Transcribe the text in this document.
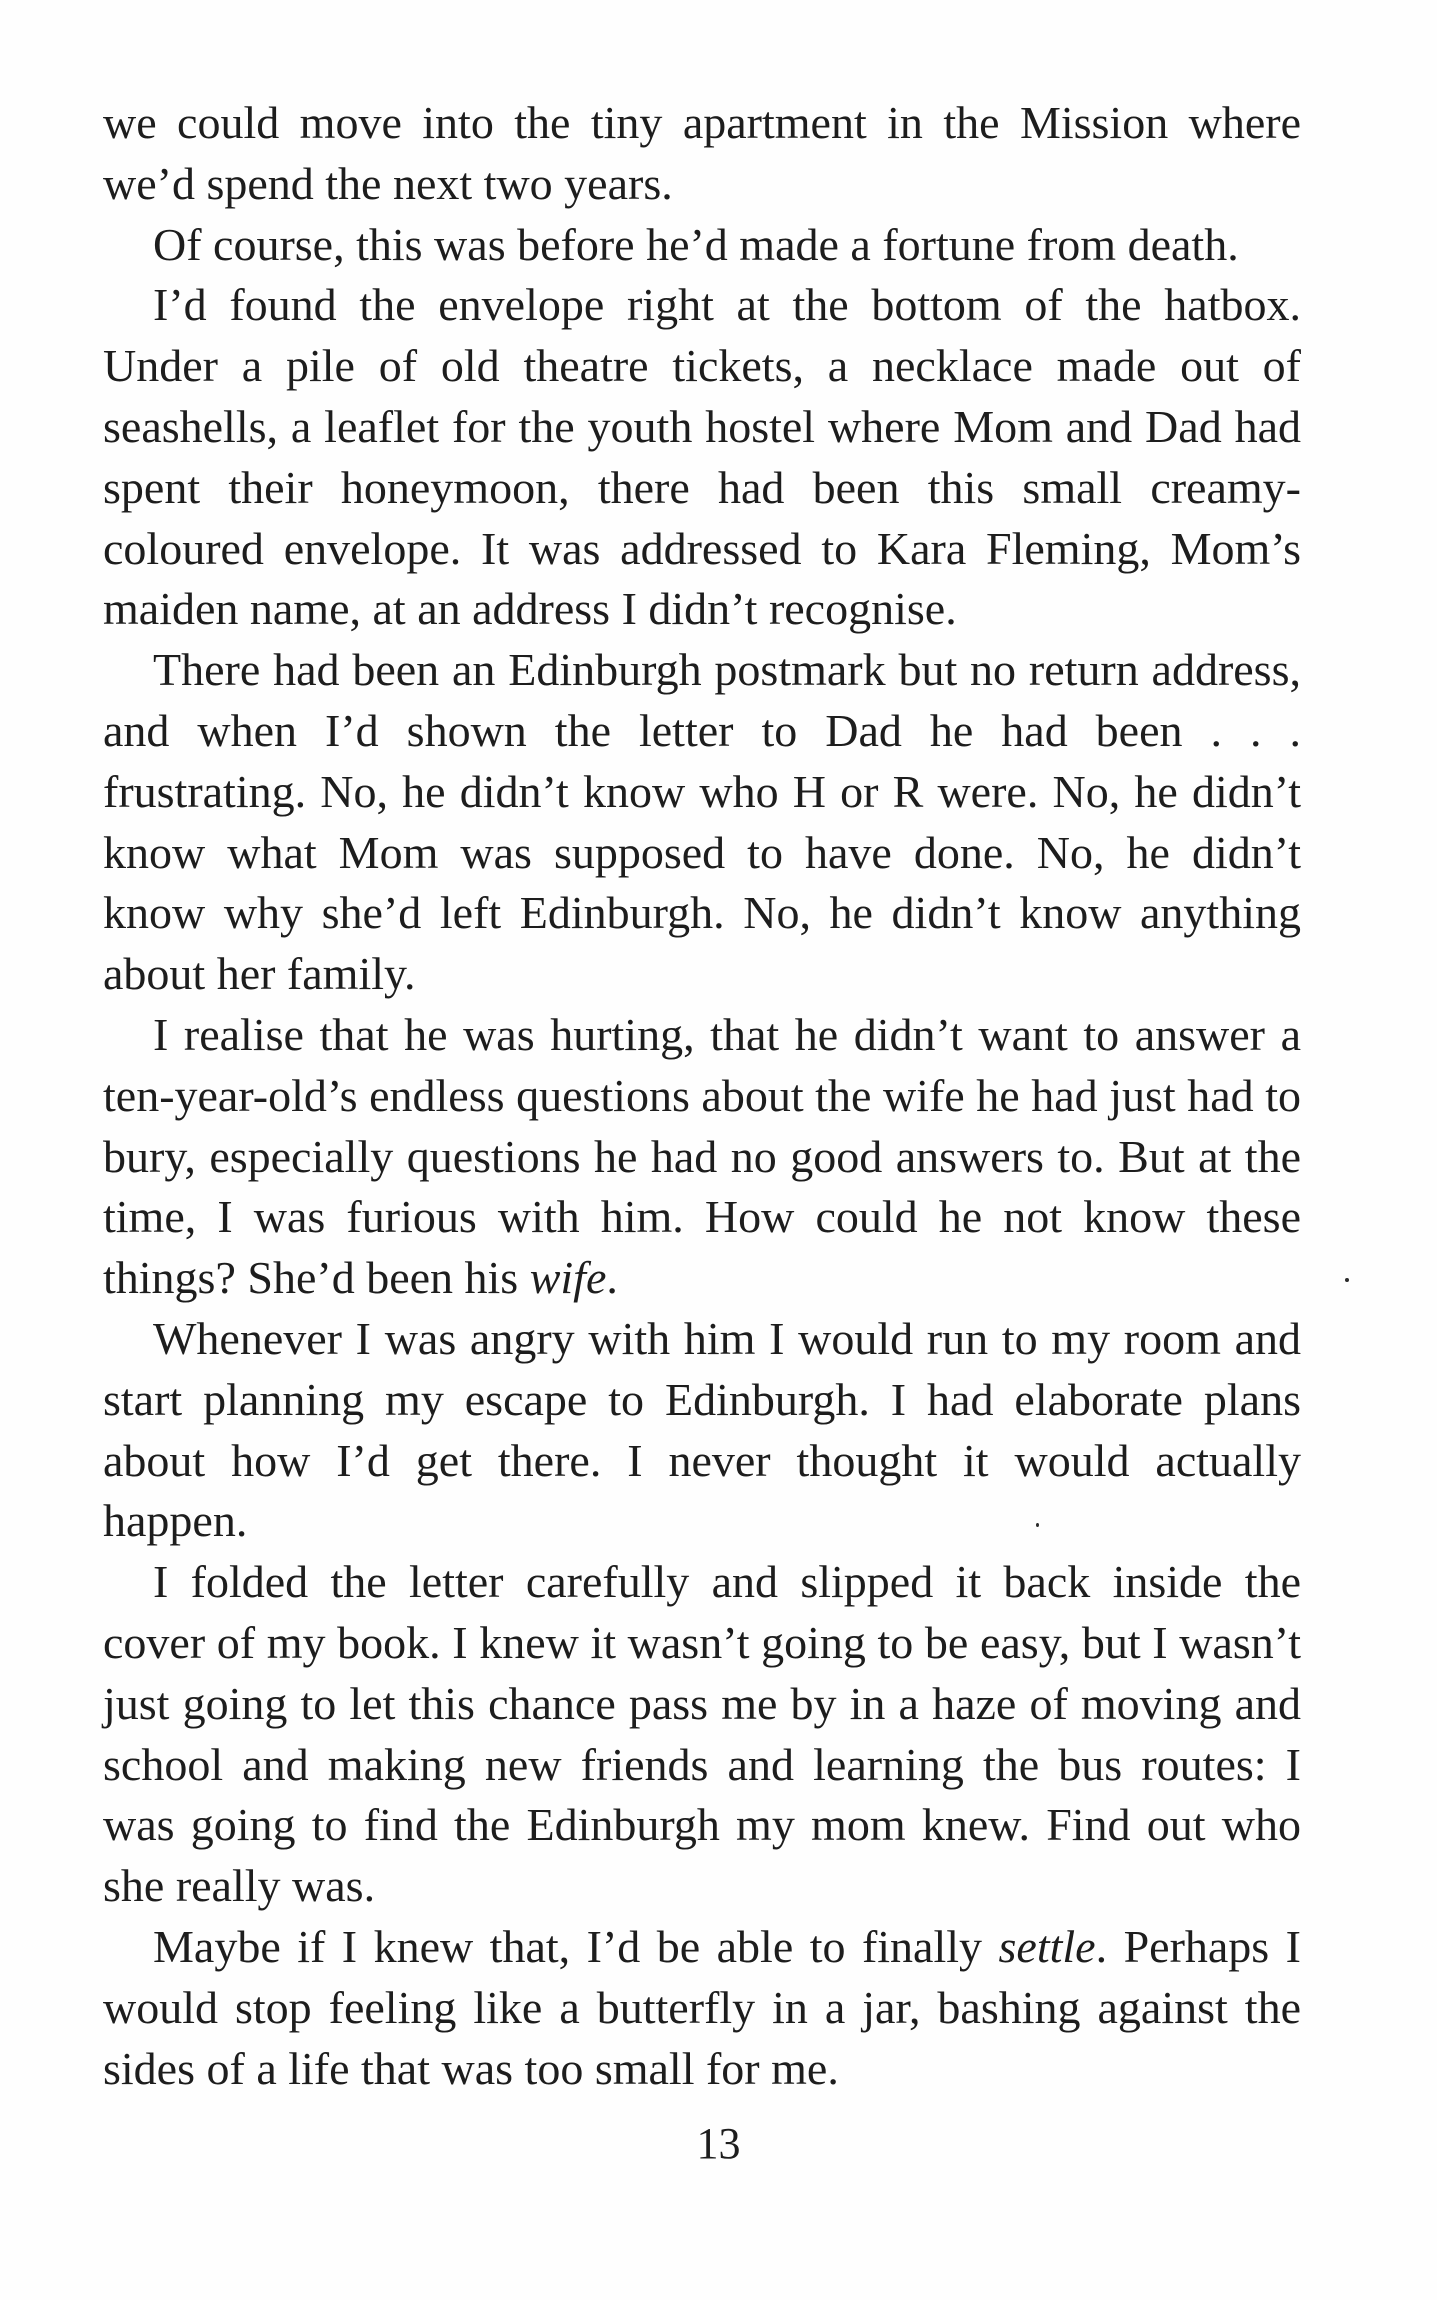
we could move into the tiny apartment in the Mission where we’d spend the next two years.

Of course, this was before he’d made a fortune from death.

I’d found the envelope right at the bottom of the hatbox. Under a pile of old theatre tickets, a necklace made out of seashells, a leaflet for the youth hostel where Mom and Dad had spent their honeymoon, there had been this small creamy-coloured envelope. It was addressed to Kara Fleming, Mom’s maiden name, at an address I didn’t recognise.

There had been an Edinburgh postmark but no return address, and when I’d shown the letter to Dad he had been . . . frustrating. No, he didn’t know who H or R were. No, he didn’t know what Mom was supposed to have done. No, he didn’t know why she’d left Edinburgh. No, he didn’t know anything about her family.

I realise that he was hurting, that he didn’t want to answer a ten-year-old’s endless questions about the wife he had just had to bury, especially questions he had no good answers to. But at the time, I was furious with him. How could he not know these things? She’d been his wife.

Whenever I was angry with him I would run to my room and start planning my escape to Edinburgh. I had elaborate plans about how I’d get there. I never thought it would actually happen.

I folded the letter carefully and slipped it back inside the cover of my book. I knew it wasn’t going to be easy, but I wasn’t just going to let this chance pass me by in a haze of moving and school and making new friends and learning the bus routes: I was going to find the Edinburgh my mom knew. Find out who she really was.

Maybe if I knew that, I’d be able to finally settle. Perhaps I would stop feeling like a butterfly in a jar, bashing against the sides of a life that was too small for me.

13
